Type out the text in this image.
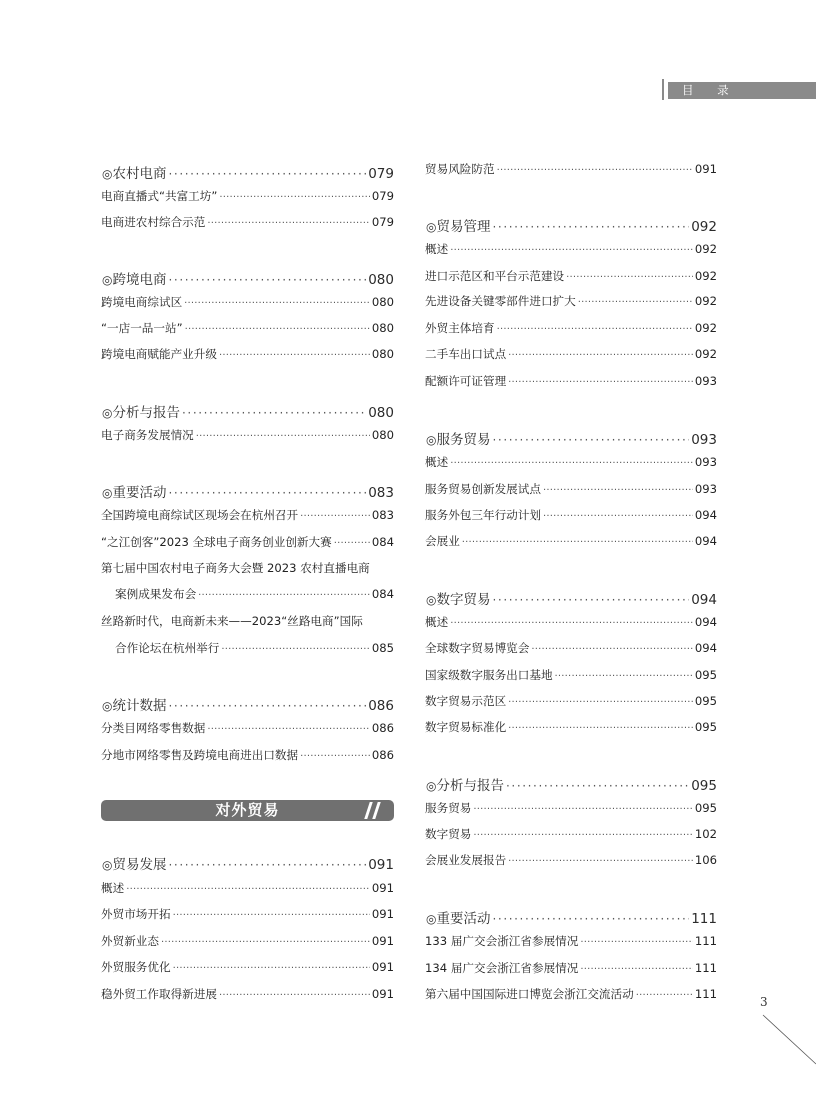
目 录
◎ 农村电商 ·····	079
电商直播式“共富工坊” ·····	079
电商进农村综合示范 ·····	079
◎ 跨境电商 ·····	080
跨境电商综试区 ·····	080
“一店一品一站” ·····	080
跨境电商赋能产业升级 ·····	080
◎ 分析与报告 ·····	080
电子商务发展情况 ·····	080
◎ 重要活动 ·····	083
全国跨境电商综试区现场会在杭州召开 ·····	083
“之江创客”2023 全球电子商务创业创新大赛 ·····	084
第七届中国农村电子商务大会暨 2023 农村直播电商
案例成果发布会 ·····	084
丝路新时代，电商新未来——2023“丝路电商”国际
合作论坛在杭州举行 ·····	085
◎ 统计数据 ·····	086
分类目网络零售数据 ·····	086
分地市网络零售及跨境电商进出口数据 ·····	086
◎ 贸易发展 ·····	091
概述 ·····	091
外贸市场开拓 ·····	091
外贸新业态 ·····	091
外贸服务优化 ·····	091
稳外贸工作取得新进展 ·····	091
贸易风险防范 ·····	091
◎ 贸易管理 ·····	092
概述 ·····	092
进口示范区和平台示范建设 ·····	092
先进设备关键零部件进口扩大 ·····	092
外贸主体培育 ·····	092
二手车出口试点 ·····	092
配额许可证管理 ·····	093
◎ 服务贸易 ·····	093
概述 ·····	093
服务贸易创新发展试点 ·····	093
服务外包三年行动计划 ·····	094
会展业 ·····	094
◎ 数字贸易 ·····	094
概述 ·····	094
全球数字贸易博览会 ·····	094
国家级数字服务出口基地 ·····	095
数字贸易示范区 ·····	095
数字贸易标准化 ·····	095
◎ 分析与报告 ·····	095
服务贸易 ·····	095
数字贸易 ·····	102
会展业发展报告 ·····	106
◎ 重要活动 ·····	111
133 届广交会浙江省参展情况 ·····	111
134 届广交会浙江省参展情况 ·····	111
第六届中国国际进口博览会浙江交流活动 ·····	111
对外贸易
3
